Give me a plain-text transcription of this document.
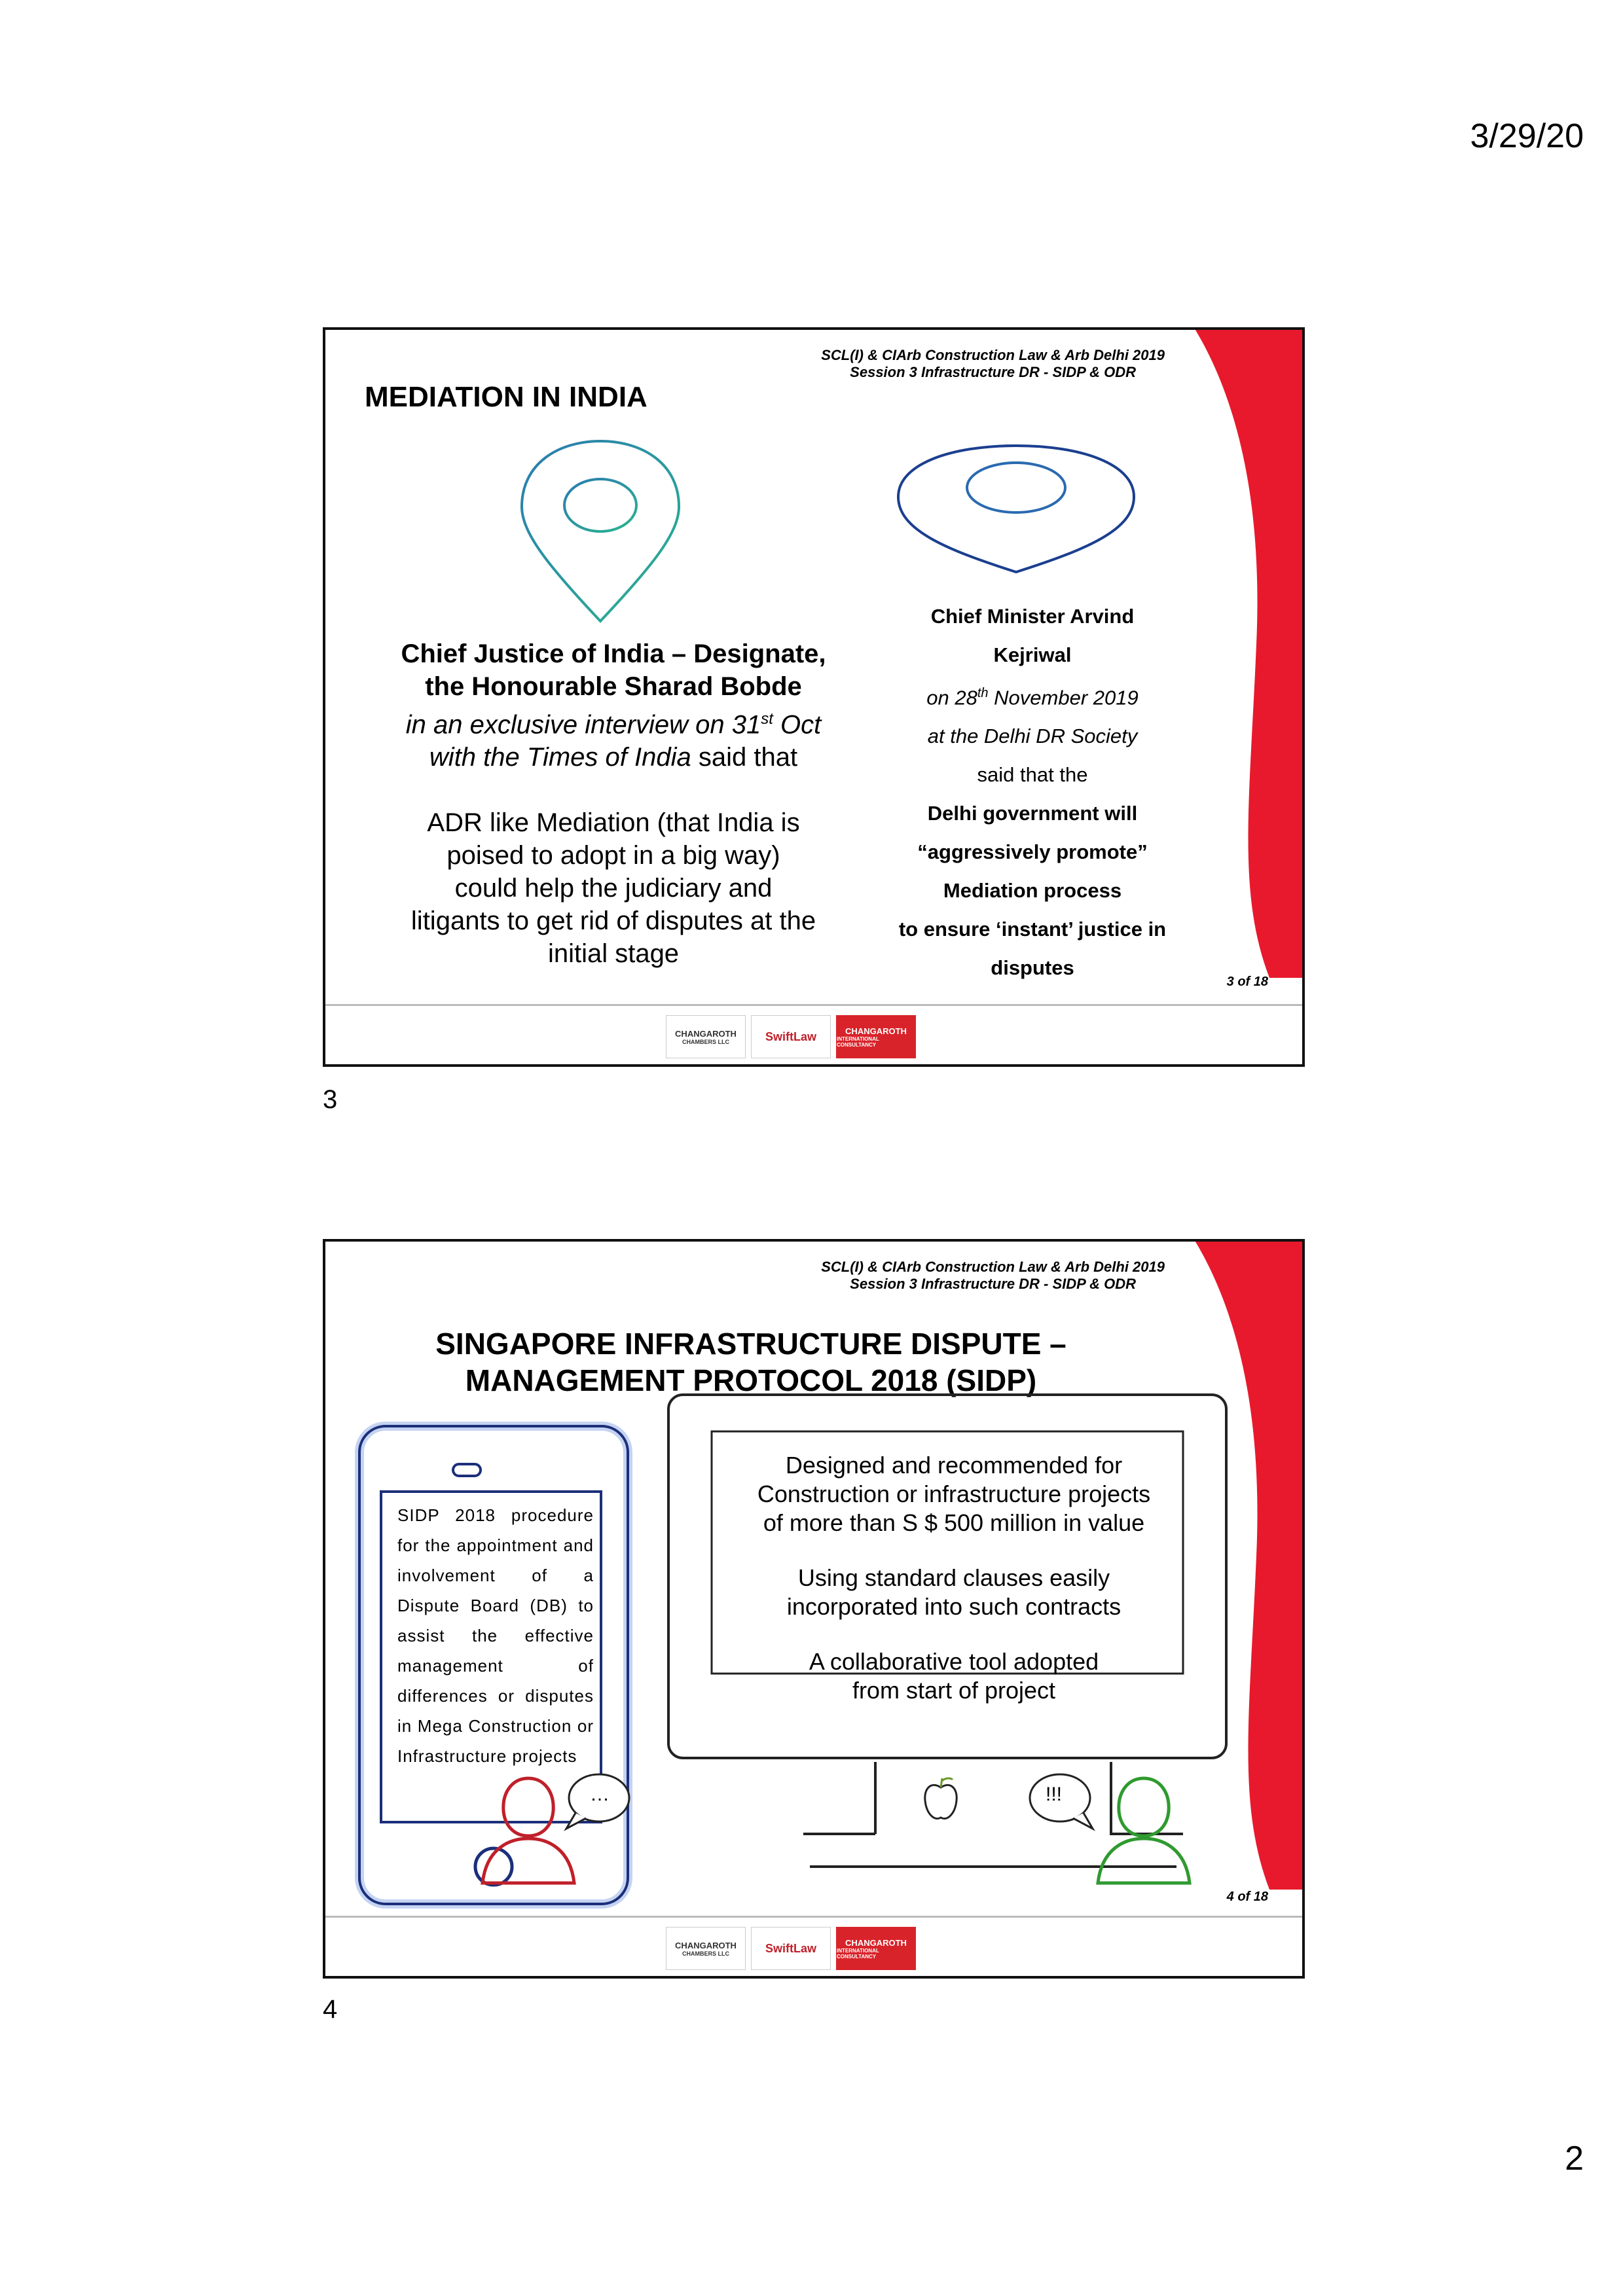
3/29/20
SCL(I) & CIArb Construction Law & Arb Delhi 2019
Session 3 Infrastructure DR - SIDP & ODR
MEDIATION IN INDIA
Chief Justice of India – Designate,
the Honourable Sharad Bobde
in an exclusive interview on 31st Oct
with the Times of India said that
ADR like Mediation (that India is
poised to adopt in a big way)
could help the judiciary and
litigants to get rid of disputes at the
initial stage
Chief Minister Arvind
Kejriwal
on 28th November 2019
at the Delhi DR Society
said that the
Delhi government will
“aggressively promote”
Mediation process
to ensure ‘instant’ justice in
disputes
3 of 18
CHANGAROTH
CHAMBERS LLC	SwiftLaw	CHANGAROTH
INTERNATIONAL CONSULTANCY
3
SCL(I) & CIArb Construction Law & Arb Delhi 2019
Session 3 Infrastructure DR - SIDP & ODR
SINGAPORE INFRASTRUCTURE DISPUTE –
MANAGEMENT PROTOCOL 2018 (SIDP)
SIDP 2018 procedure for the appointment and involvement of a Dispute Board (DB) to assist the effective management of differences or disputes in Mega Construction or Infrastructure projects

Designed and recommended for
Construction or infrastructure projects
of more than S $ 500 million in value

Using standard clauses easily
incorporated into such contracts

A collaborative tool adopted
from start of project

…	!!!
4 of 18
CHANGAROTH
CHAMBERS LLC	SwiftLaw	CHANGAROTH
INTERNATIONAL CONSULTANCY
4
2
